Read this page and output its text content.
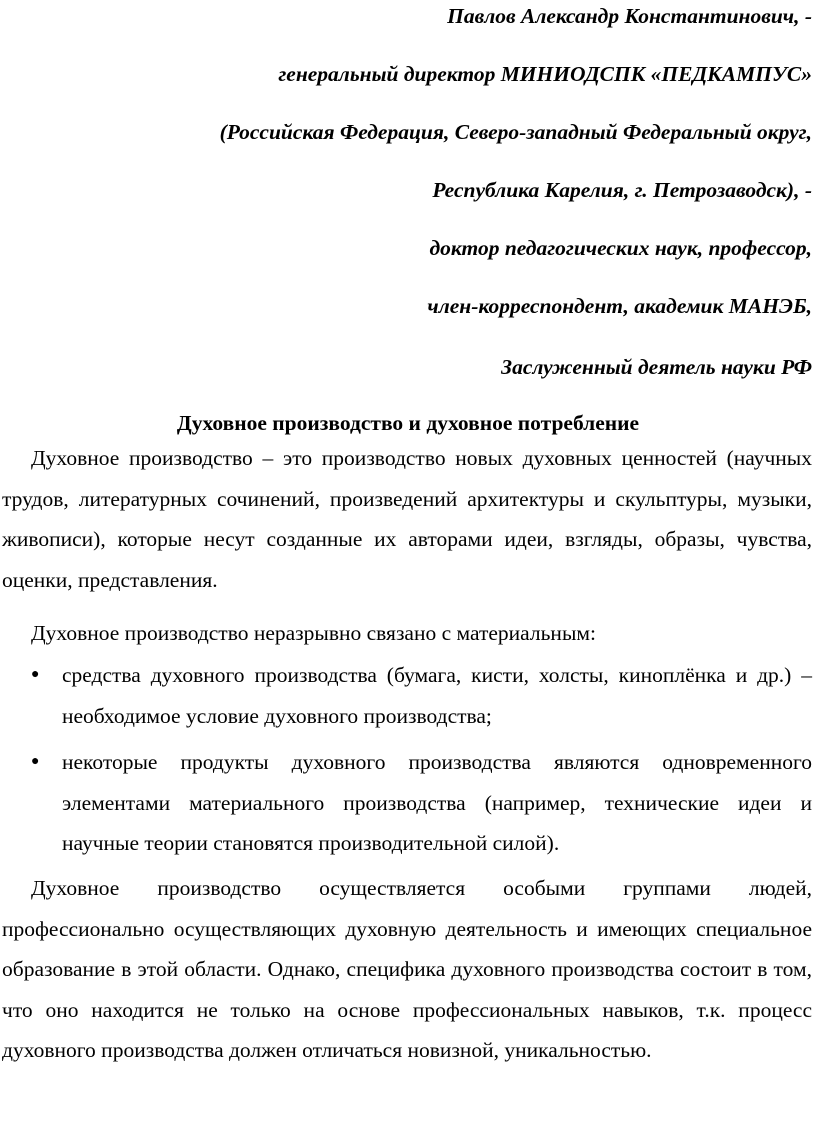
Павлов Александр Константинович, -
генеральный директор МИНИОДСПК «ПЕДКАМПУС»
(Российская Федерация, Северо-западный Федеральный округ,
Республика Карелия, г. Петрозаводск), -
доктор педагогических наук, профессор,
член-корреспондент, академик МАНЭБ,
Заслуженный деятель науки РФ
Духовное производство и духовное потребление

Духовное производство – это производство новых духовных ценностей (научных трудов, литературных сочинений, произведений архитектуры и скульптуры, музыки, живописи), которые несут созданные их авторами идеи, взгляды, образы, чувства, оценки, представления.

Духовное производство неразрывно связано с материальным:
● средства духовного производства (бумага, кисти, холсты, киноплёнка и др.) – необходимое условие духовного производства;

● некоторые продукты духовного производства являются одновременного элементами материального производства (например, технические идеи и научные теории становятся производительной силой).

Духовное производство осуществляется особыми группами людей, профессионально осуществляющих духовную деятельность и имеющих специальное образование в этой области. Однако, специфика духовного производства состоит в том, что оно находится не только на основе профессиональных навыков, т.к. процесс духовного производства должен отличаться новизной, уникальностью.
